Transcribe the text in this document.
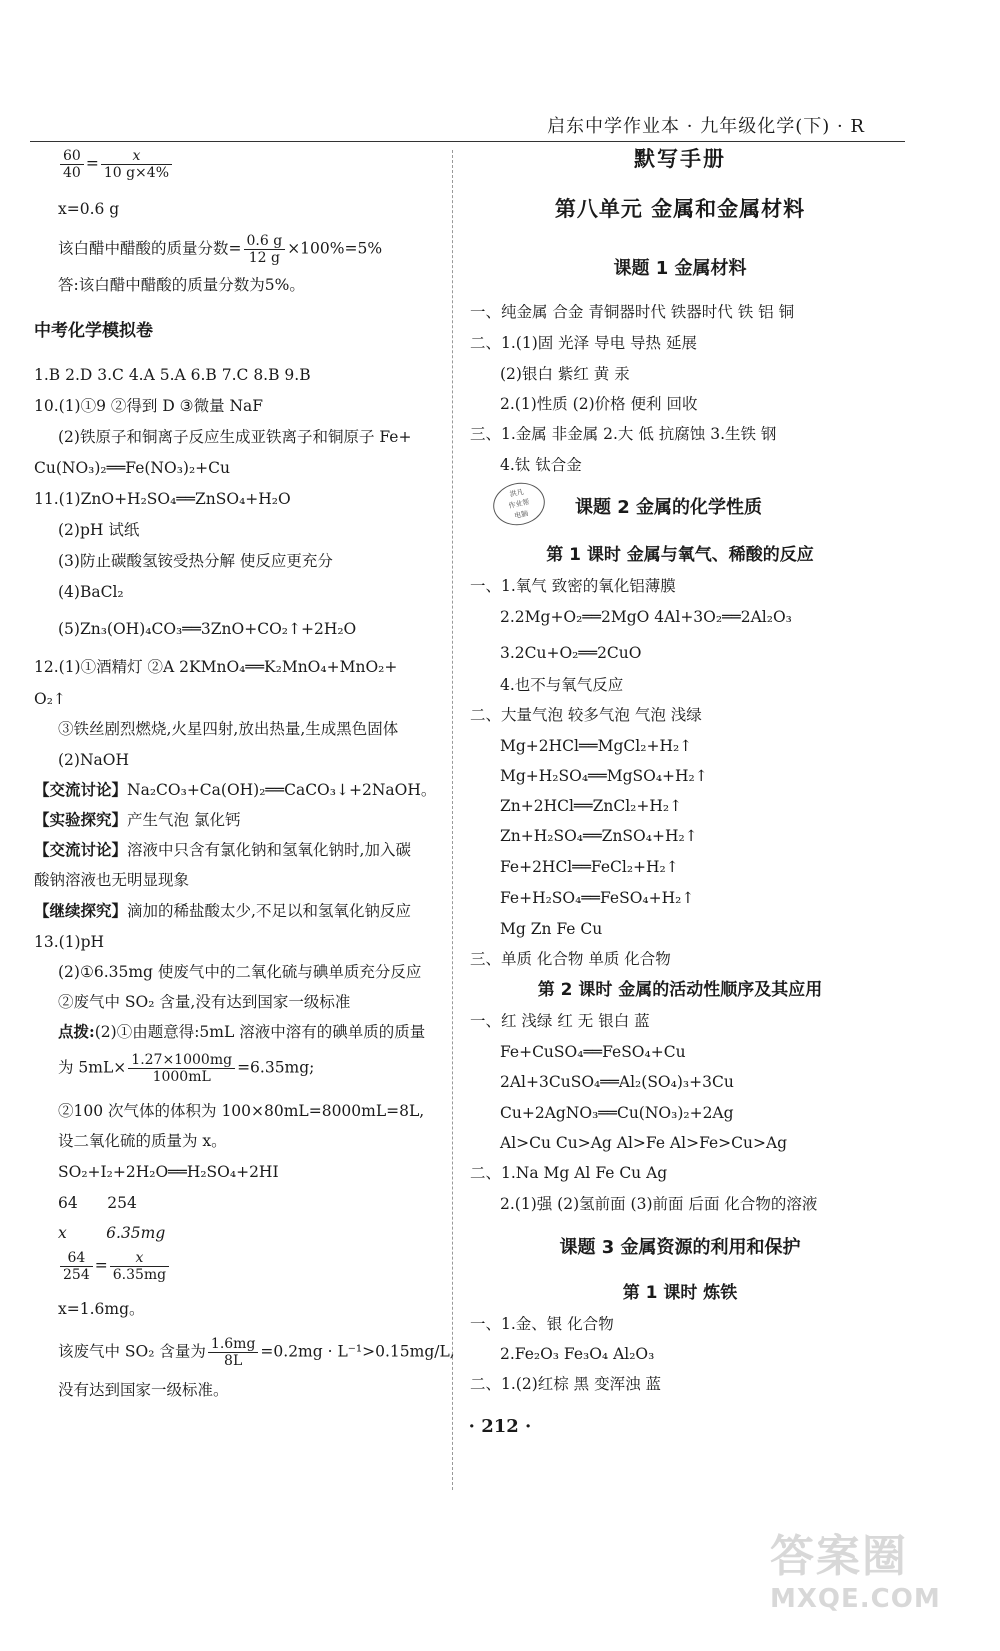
启东中学作业本 · 九年级化学(下) · R
$\frac{60}{40} = \frac{x}{10 g\times 4\%}$
x=0.6 g
该白醋中醋酸的质量分数= $\frac{0.6 g}{12 g} \times 100\%=5\%$
答:该白醋中醋酸的质量分数为5%。
中考化学模拟卷
1.B 2.D 3.C 4.A 5.A 6.B 7.C 8.B 9.B
10.(1)①9 ②得到 D ③微量 NaF
(2)铁原子和铜离子反应生成亚铁离子和铜原子 Fe+
Cu(NO₃)₂══Fe(NO₃)₂+Cu
11.(1)ZnO+H₂SO₄══ZnSO₄+H₂O
(2)pH 试纸
(3)防止碳酸氢铵受热分解 使反应更充分
(4)BaCl₂
(5)Zn₃(OH)₄CO₃══3ZnO+CO₂↑+2H₂O
12.(1)①酒精灯 ②A 2KMnO₄══K₂MnO₄+MnO₂+
O₂↑
③铁丝剧烈燃烧,火星四射,放出热量,生成黑色固体
(2)NaOH
【交流讨论】Na₂CO₃+Ca(OH)₂══CaCO₃↓+2NaOH。
【实验探究】产生气泡 氯化钙
【交流讨论】溶液中只含有氯化钠和氢氧化钠时,加入碳
酸钠溶液也无明显现象
【继续探究】滴加的稀盐酸太少,不足以和氢氧化钠反应
13.(1)pH
(2)①6.35mg 使废气中的二氧化硫与碘单质充分反应
②废气中 SO₂ 含量,没有达到国家一级标准
点拨:(2)①由题意得:5mL 溶液中溶有的碘单质的质量
为 $5mL\times \frac{1.27\times 1000mg}{1000mL} =6.35mg$;
②100 次气体的体积为 100×80mL=8000mL=8L,
设二氧化硫的质量为 x。
SO₂+I₂+2H₂O══H₂SO₄+2HI
64      254
x        6.35mg
$\frac{64}{254} = \frac{x}{6.35mg}$
x=1.6mg。
该废气中 SO₂ 含量为 $\frac{1.6mg}{8L} =0.2mg \cdot L^{-1}>0.15mg/L$,
没有达到国家一级标准。
默写手册
第八单元 金属和金属材料
课题 1 金属材料
一、纯金属 合金 青铜器时代 铁器时代 铁 铝 铜
二、1.(1)固 光泽 导电 导热 延展
(2)银白 紫红 黄 汞
2.(1)性质 (2)价格 便利 回收
三、1.金属 非金属 2.大 低 抗腐蚀 3.生铁 钢
4.钛 钛合金
洪凡
作业帮
电脑	课题 2 金属的化学性质
第 1 课时 金属与氧气、稀酸的反应
一、1.氧气 致密的氧化铝薄膜
2.2Mg+O₂══2MgO 4Al+3O₂══2Al₂O₃
3.2Cu+O₂══2CuO
4.也不与氧气反应
二、大量气泡 较多气泡 气泡 浅绿
Mg+2HCl══MgCl₂+H₂↑
Mg+H₂SO₄══MgSO₄+H₂↑
Zn+2HCl══ZnCl₂+H₂↑
Zn+H₂SO₄══ZnSO₄+H₂↑
Fe+2HCl══FeCl₂+H₂↑
Fe+H₂SO₄══FeSO₄+H₂↑
Mg Zn Fe Cu
三、单质 化合物 单质 化合物
第 2 课时 金属的活动性顺序及其应用
一、红 浅绿 红 无 银白 蓝
Fe+CuSO₄══FeSO₄+Cu
2Al+3CuSO₄══Al₂(SO₄)₃+3Cu
Cu+2AgNO₃══Cu(NO₃)₂+2Ag
Al>Cu Cu>Ag Al>Fe Al>Fe>Cu>Ag
二、1.Na Mg Al Fe Cu Ag
2.(1)强 (2)氢前面 (3)前面 后面 化合物的溶液
课题 3 金属资源的利用和保护
第 1 课时 炼铁
一、1.金、银 化合物
2.Fe₂O₃ Fe₃O₄ Al₂O₃
二、1.(2)红棕 黑 变浑浊 蓝
· 212 ·
答案圈
MXQE.COM
